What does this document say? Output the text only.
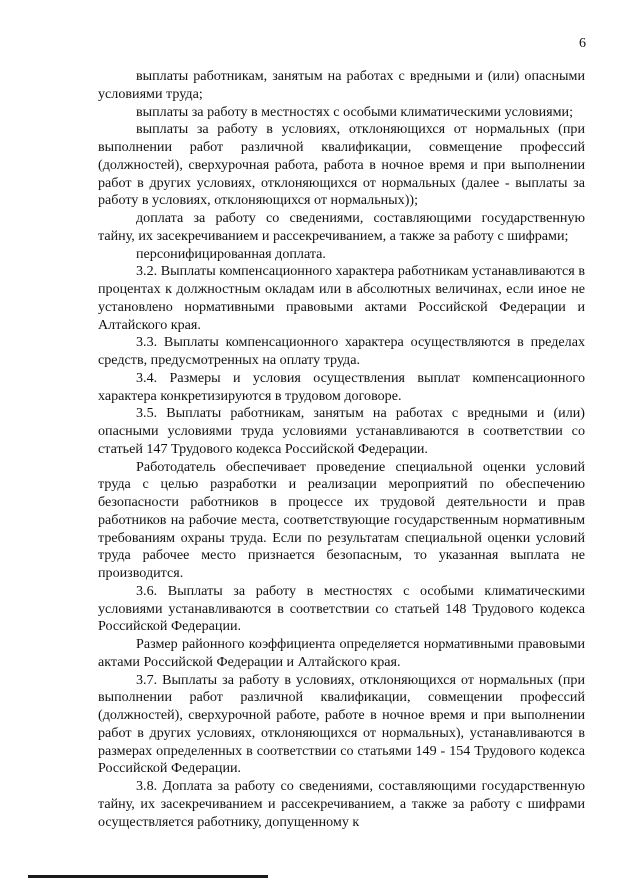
6

выплаты работникам, занятым на работах с вредными и (или) опасными условиями труда;

выплаты за работу в местностях с особыми климатическими условиями;

выплаты за работу в условиях, отклоняющихся от нормальных (при выполнении работ различной квалификации, совмещение профессий (должностей), сверхурочная работа, работа в ночное время и при выполнении работ в других условиях, отклоняющихся от нормальных (далее - выплаты за работу в условиях, отклоняющихся от нормальных));

доплата за работу со сведениями, составляющими государственную тайну, их засекречиванием и рассекречиванием, а также за работу с шифрами;

персонифицированная доплата.

3.2. Выплаты компенсационного характера работникам устанавливаются в процентах к должностным окладам или в абсолютных величинах, если иное не установлено нормативными правовыми актами Российской Федерации и Алтайского края.

3.3. Выплаты компенсационного характера осуществляются в пределах средств, предусмотренных на оплату труда.

3.4. Размеры и условия осуществления выплат компенсационного характера конкретизируются в трудовом договоре.

3.5. Выплаты работникам, занятым на работах с вредными и (или) опасными условиями труда условиями устанавливаются в соответствии со статьей 147 Трудового кодекса Российской Федерации.

Работодатель обеспечивает проведение специальной оценки условий труда с целью разработки и реализации мероприятий по обеспечению безопасности работников в процессе их трудовой деятельности и прав работников на рабочие места, соответствующие государственным нормативным требованиям охраны труда. Если по результатам специальной оценки условий труда рабочее место признается безопасным, то указанная выплата не производится.

3.6. Выплаты за работу в местностях с особыми климатическими условиями устанавливаются в соответствии со статьей 148 Трудового кодекса Российской Федерации.

Размер районного коэффициента определяется нормативными правовыми актами Российской Федерации и Алтайского края.

3.7. Выплаты за работу в условиях, отклоняющихся от нормальных (при выполнении работ различной квалификации, совмещении профессий (должностей), сверхурочной работе, работе в ночное время и при выполнении работ в других условиях, отклоняющихся от нормальных), устанавливаются в размерах определенных в соответствии со статьями 149 - 154 Трудового кодекса Российской Федерации.

3.8. Доплата за работу со сведениями, составляющими государственную тайну, их засекречиванием и рассекречиванием, а также за работу с шифрами осуществляется работнику, допущенному к
